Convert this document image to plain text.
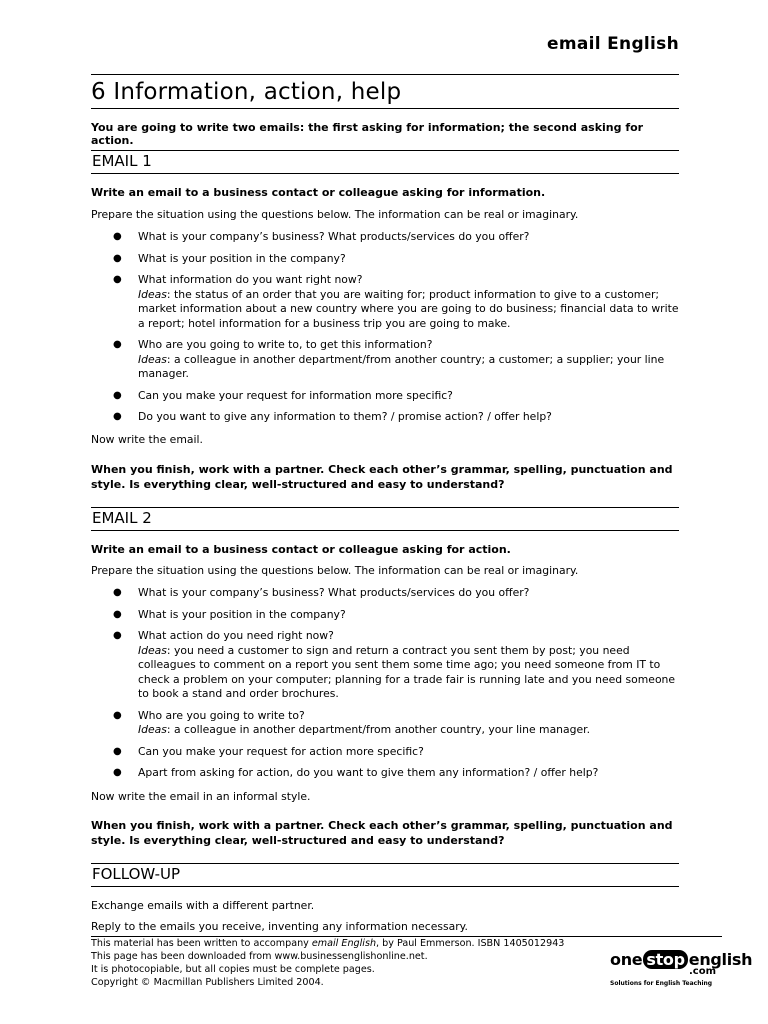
email English
6 Information, action, help
You are going to write two emails: the first asking for information; the second asking for action.
EMAIL 1
Write an email to a business contact or colleague asking for information.
Prepare the situation using the questions below. The information can be real or imaginary.
● What is your company’s business? What products/services do you offer?
● What is your position in the company?
● What information do you want right now?
Ideas: the status of an order that you are waiting for; product information to give to a customer; market information about a new country where you are going to do business; financial data to write a report; hotel information for a business trip you are going to make.
● Who are you going to write to, to get this information?
Ideas: a colleague in another department/from another country; a customer; a supplier; your line manager.
● Can you make your request for information more specific?
● Do you want to give any information to them? / promise action? / offer help?
Now write the email.
When you finish, work with a partner. Check each other’s grammar, spelling, punctuation and style. Is everything clear, well-structured and easy to understand?
EMAIL 2
Write an email to a business contact or colleague asking for action.
Prepare the situation using the questions below. The information can be real or imaginary.
● What is your company’s business? What products/services do you offer?
● What is your position in the company?
● What action do you need right now?
Ideas: you need a customer to sign and return a contract you sent them by post; you need colleagues to comment on a report you sent them some time ago; you need someone from IT to check a problem on your computer; planning for a trade fair is running late and you need someone to book a stand and order brochures.
● Who are you going to write to?
Ideas: a colleague in another department/from another country, your line manager.
● Can you make your request for action more specific?
● Apart from asking for action, do you want to give them any information? / offer help?
Now write the email in an informal style.
When you finish, work with a partner. Check each other’s grammar, spelling, punctuation and style. Is everything clear, well-structured and easy to understand?
FOLLOW-UP
Exchange emails with a different partner.
Reply to the emails you receive, inventing any information necessary.
This material has been written to accompany email English, by Paul Emmerson. ISBN 1405012943
This page has been downloaded from www.businessenglishonline.net.
It is photocopiable, but all copies must be complete pages.
Copyright © Macmillan Publishers Limited 2004.
one stop english
.com
Solutions for English Teaching
